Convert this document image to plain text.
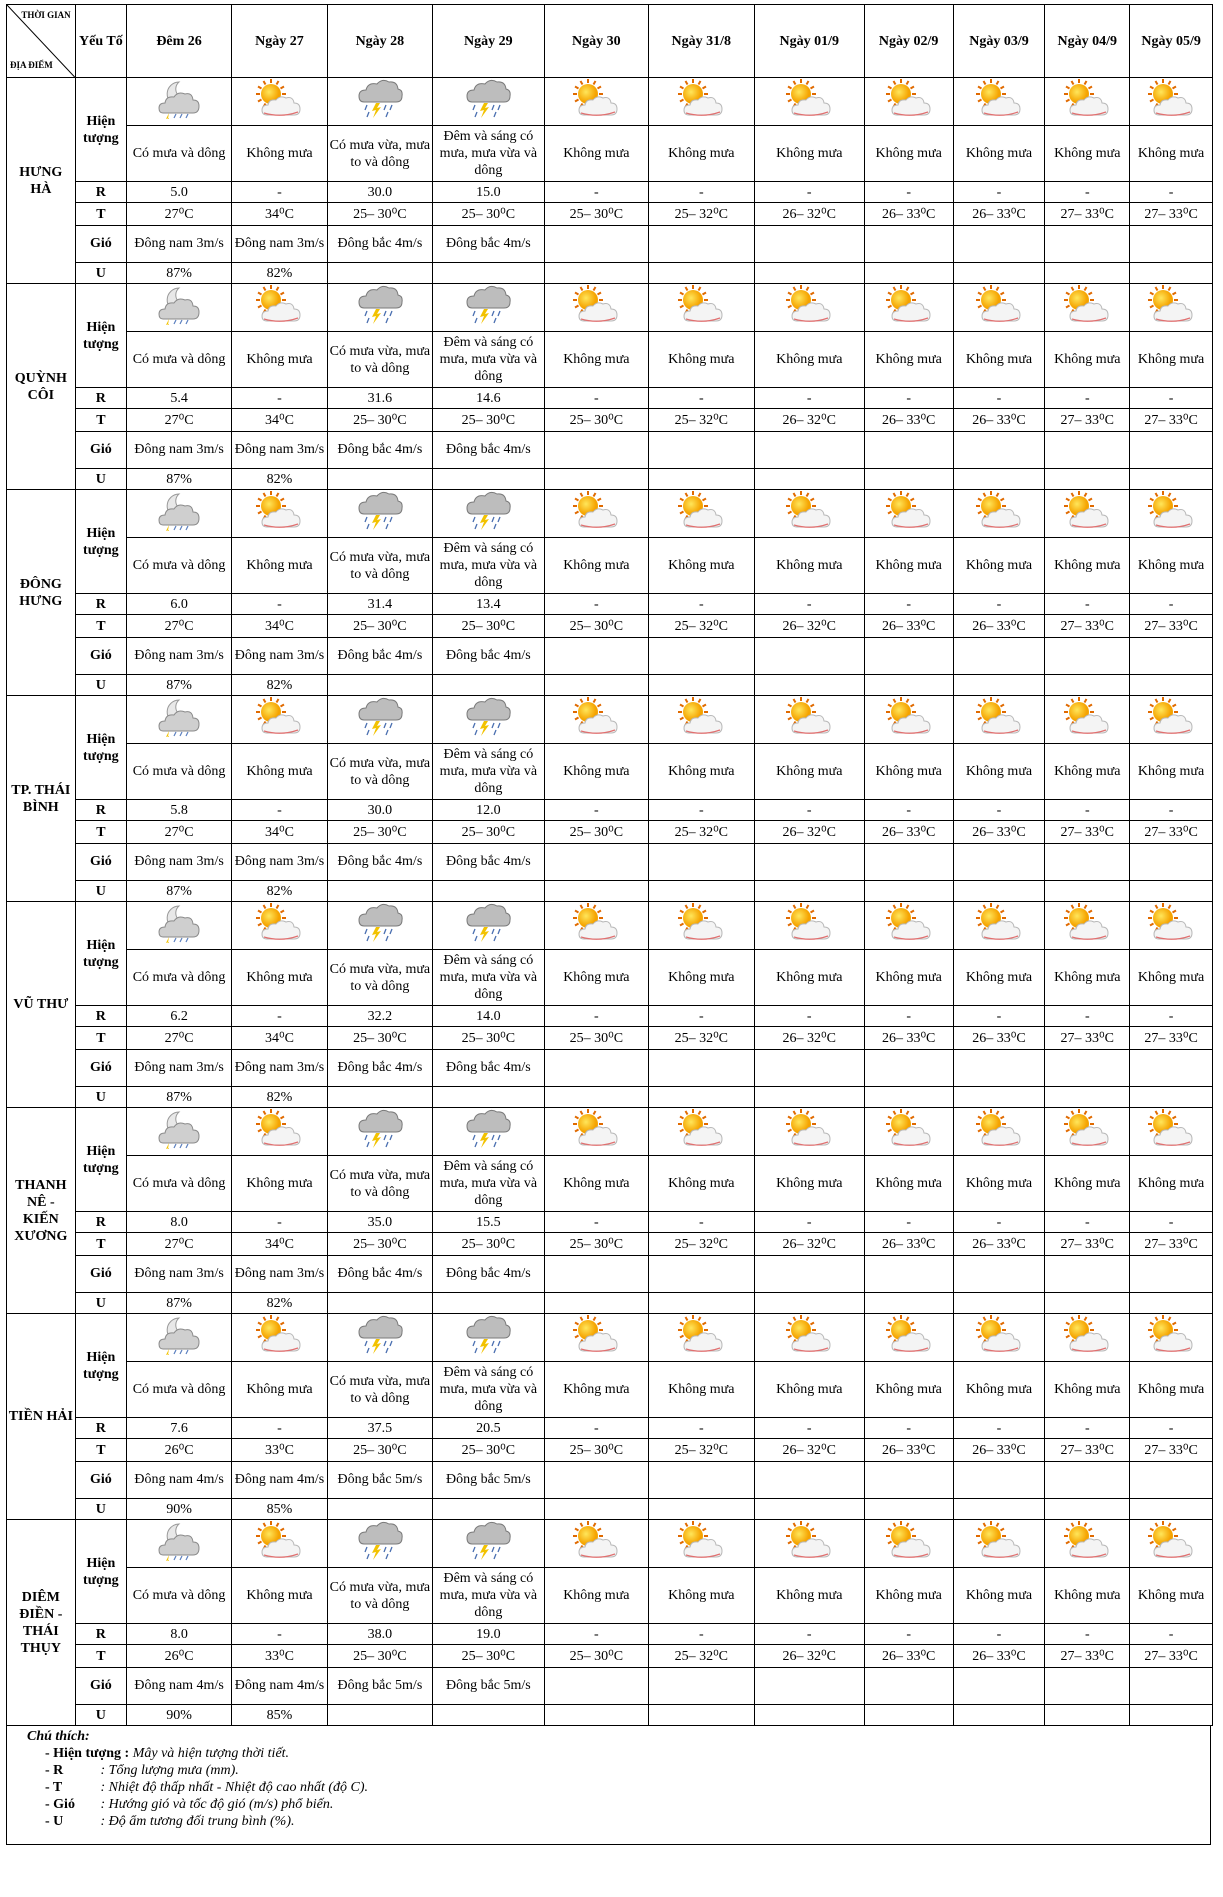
THỜI GIAN
ĐỊA ĐIỂM	Yếu Tố	Đêm 26	Ngày 27	Ngày 28	Ngày 29	Ngày 30	Ngày 31/8	Ngày 01/9	Ngày 02/9	Ngày 03/9	Ngày 04/9	Ngày 05/9
HƯNG HÀ	Hiện tượng											
		Có mưa và dông	Không mưa	Có mưa vừa, mưa to và dông	Đêm và sáng có mưa, mưa vừa và dông	Không mưa	Không mưa	Không mưa	Không mưa	Không mưa	Không mưa	Không mưa
	R	5.0	-	30.0	15.0	-	-	-	-	-	-	-
	T	27⁰C	34⁰C	25– 30⁰C	25– 30⁰C	25– 30⁰C	25– 32⁰C	26– 32⁰C	26– 33⁰C	26– 33⁰C	27– 33⁰C	27– 33⁰C
	Gió	Đông nam 3m/s	Đông nam 3m/s	Đông bắc 4m/s	Đông bắc 4m/s							
	U	87%	82%									
QUỲNH CÔI	Hiện tượng											
		Có mưa và dông	Không mưa	Có mưa vừa, mưa to và dông	Đêm và sáng có mưa, mưa vừa và dông	Không mưa	Không mưa	Không mưa	Không mưa	Không mưa	Không mưa	Không mưa
	R	5.4	-	31.6	14.6	-	-	-	-	-	-	-
	T	27⁰C	34⁰C	25– 30⁰C	25– 30⁰C	25– 30⁰C	25– 32⁰C	26– 32⁰C	26– 33⁰C	26– 33⁰C	27– 33⁰C	27– 33⁰C
	Gió	Đông nam 3m/s	Đông nam 3m/s	Đông bắc 4m/s	Đông bắc 4m/s							
	U	87%	82%									
ĐÔNG HƯNG	Hiện tượng											
		Có mưa và dông	Không mưa	Có mưa vừa, mưa to và dông	Đêm và sáng có mưa, mưa vừa và dông	Không mưa	Không mưa	Không mưa	Không mưa	Không mưa	Không mưa	Không mưa
	R	6.0	-	31.4	13.4	-	-	-	-	-	-	-
	T	27⁰C	34⁰C	25– 30⁰C	25– 30⁰C	25– 30⁰C	25– 32⁰C	26– 32⁰C	26– 33⁰C	26– 33⁰C	27– 33⁰C	27– 33⁰C
	Gió	Đông nam 3m/s	Đông nam 3m/s	Đông bắc 4m/s	Đông bắc 4m/s							
	U	87%	82%									
TP. THÁI BÌNH	Hiện tượng											
		Có mưa và dông	Không mưa	Có mưa vừa, mưa to và dông	Đêm và sáng có mưa, mưa vừa và dông	Không mưa	Không mưa	Không mưa	Không mưa	Không mưa	Không mưa	Không mưa
	R	5.8	-	30.0	12.0	-	-	-	-	-	-	-
	T	27⁰C	34⁰C	25– 30⁰C	25– 30⁰C	25– 30⁰C	25– 32⁰C	26– 32⁰C	26– 33⁰C	26– 33⁰C	27– 33⁰C	27– 33⁰C
	Gió	Đông nam 3m/s	Đông nam 3m/s	Đông bắc 4m/s	Đông bắc 4m/s							
	U	87%	82%									
VŨ THƯ	Hiện tượng											
		Có mưa và dông	Không mưa	Có mưa vừa, mưa to và dông	Đêm và sáng có mưa, mưa vừa và dông	Không mưa	Không mưa	Không mưa	Không mưa	Không mưa	Không mưa	Không mưa
	R	6.2	-	32.2	14.0	-	-	-	-	-	-	-
	T	27⁰C	34⁰C	25– 30⁰C	25– 30⁰C	25– 30⁰C	25– 32⁰C	26– 32⁰C	26– 33⁰C	26– 33⁰C	27– 33⁰C	27– 33⁰C
	Gió	Đông nam 3m/s	Đông nam 3m/s	Đông bắc 4m/s	Đông bắc 4m/s							
	U	87%	82%									
THANH NÊ - KIẾN XƯƠNG	Hiện tượng											
		Có mưa và dông	Không mưa	Có mưa vừa, mưa to và dông	Đêm và sáng có mưa, mưa vừa và dông	Không mưa	Không mưa	Không mưa	Không mưa	Không mưa	Không mưa	Không mưa
	R	8.0	-	35.0	15.5	-	-	-	-	-	-	-
	T	27⁰C	34⁰C	25– 30⁰C	25– 30⁰C	25– 30⁰C	25– 32⁰C	26– 32⁰C	26– 33⁰C	26– 33⁰C	27– 33⁰C	27– 33⁰C
	Gió	Đông nam 3m/s	Đông nam 3m/s	Đông bắc 4m/s	Đông bắc 4m/s							
	U	87%	82%									
TIỀN HẢI	Hiện tượng											
		Có mưa và dông	Không mưa	Có mưa vừa, mưa to và dông	Đêm và sáng có mưa, mưa vừa và dông	Không mưa	Không mưa	Không mưa	Không mưa	Không mưa	Không mưa	Không mưa
	R	7.6	-	37.5	20.5	-	-	-	-	-	-	-
	T	26⁰C	33⁰C	25– 30⁰C	25– 30⁰C	25– 30⁰C	25– 32⁰C	26– 32⁰C	26– 33⁰C	26– 33⁰C	27– 33⁰C	27– 33⁰C
	Gió	Đông nam 4m/s	Đông nam 4m/s	Đông bắc 5m/s	Đông bắc 5m/s							
	U	90%	85%									
DIÊM ĐIỀN - THÁI THỤY	Hiện tượng											
		Có mưa và dông	Không mưa	Có mưa vừa, mưa to và dông	Đêm và sáng có mưa, mưa vừa và dông	Không mưa	Không mưa	Không mưa	Không mưa	Không mưa	Không mưa	Không mưa
	R	8.0	-	38.0	19.0	-	-	-	-	-	-	-
	T	26⁰C	33⁰C	25– 30⁰C	25– 30⁰C	25– 30⁰C	25– 32⁰C	26– 32⁰C	26– 33⁰C	26– 33⁰C	27– 33⁰C	27– 33⁰C
	Gió	Đông nam 4m/s	Đông nam 4m/s	Đông bắc 5m/s	Đông bắc 5m/s							
	U	90%	85%									
Chú thích:
- Hiện tượng : Mây và hiện tượng thời tiết.
- R	: Tổng lượng mưa (mm).
- T	: Nhiệt độ thấp nhất - Nhiệt độ cao nhất (độ C).
- Gió : Hướng gió và tốc độ gió (m/s) phổ biến.
- U	: Độ ẩm tương đối trung bình (%).
